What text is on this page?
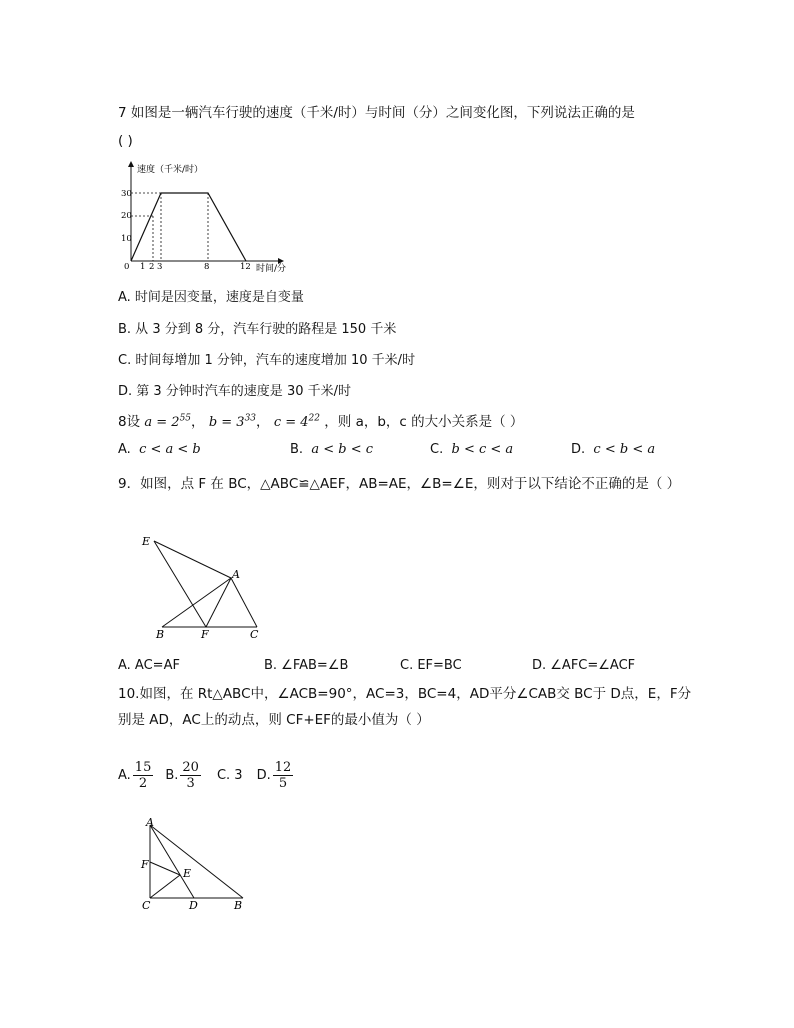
7 如图是一辆汽车行驶的速度（千米/时）与时间（分）之间变化图，下列说法正确的是
( )
速度（千米/时）
时间/分
30
20
10
0 1 2 3	8	12
A. 时间是因变量，速度是自变量
B. 从 3 分到 8 分，汽车行驶的路程是 150 千米
C. 时间每增加 1 分钟，汽车的速度增加 10 千米/时
D. 第 3 分钟时汽车的速度是 30 千米/时
8设 $a = 2^{55}$， $b = 3^{33}$， $c = 4^{22}$ ，则 a，b，c 的大小关系是（ ）
A. c < a < b	B. a < b < c	C. b < c < a	D. c < b < a
9．如图，点 F 在 BC，△ABC≌△AEF，AB=AE，∠B=∠E，则对于以下结论不正确的是（ ）
E
A
B	F	C
A. AC=AF	B. ∠FAB=∠B	C. EF=BC	D. ∠AFC=∠ACF
10.如图，在 Rt△ABC中，∠ACB=90°，AC=3，BC=4，AD平分∠CAB交 BC于 D点，E，F分
别是 AD，AC上的动点，则 CF+EF的最小值为（ ）
A. $\frac{15}{2} B$. $\frac{20}{3} C$. 3 D. $\frac{12}{5}$
A
F
E
C	D	B
